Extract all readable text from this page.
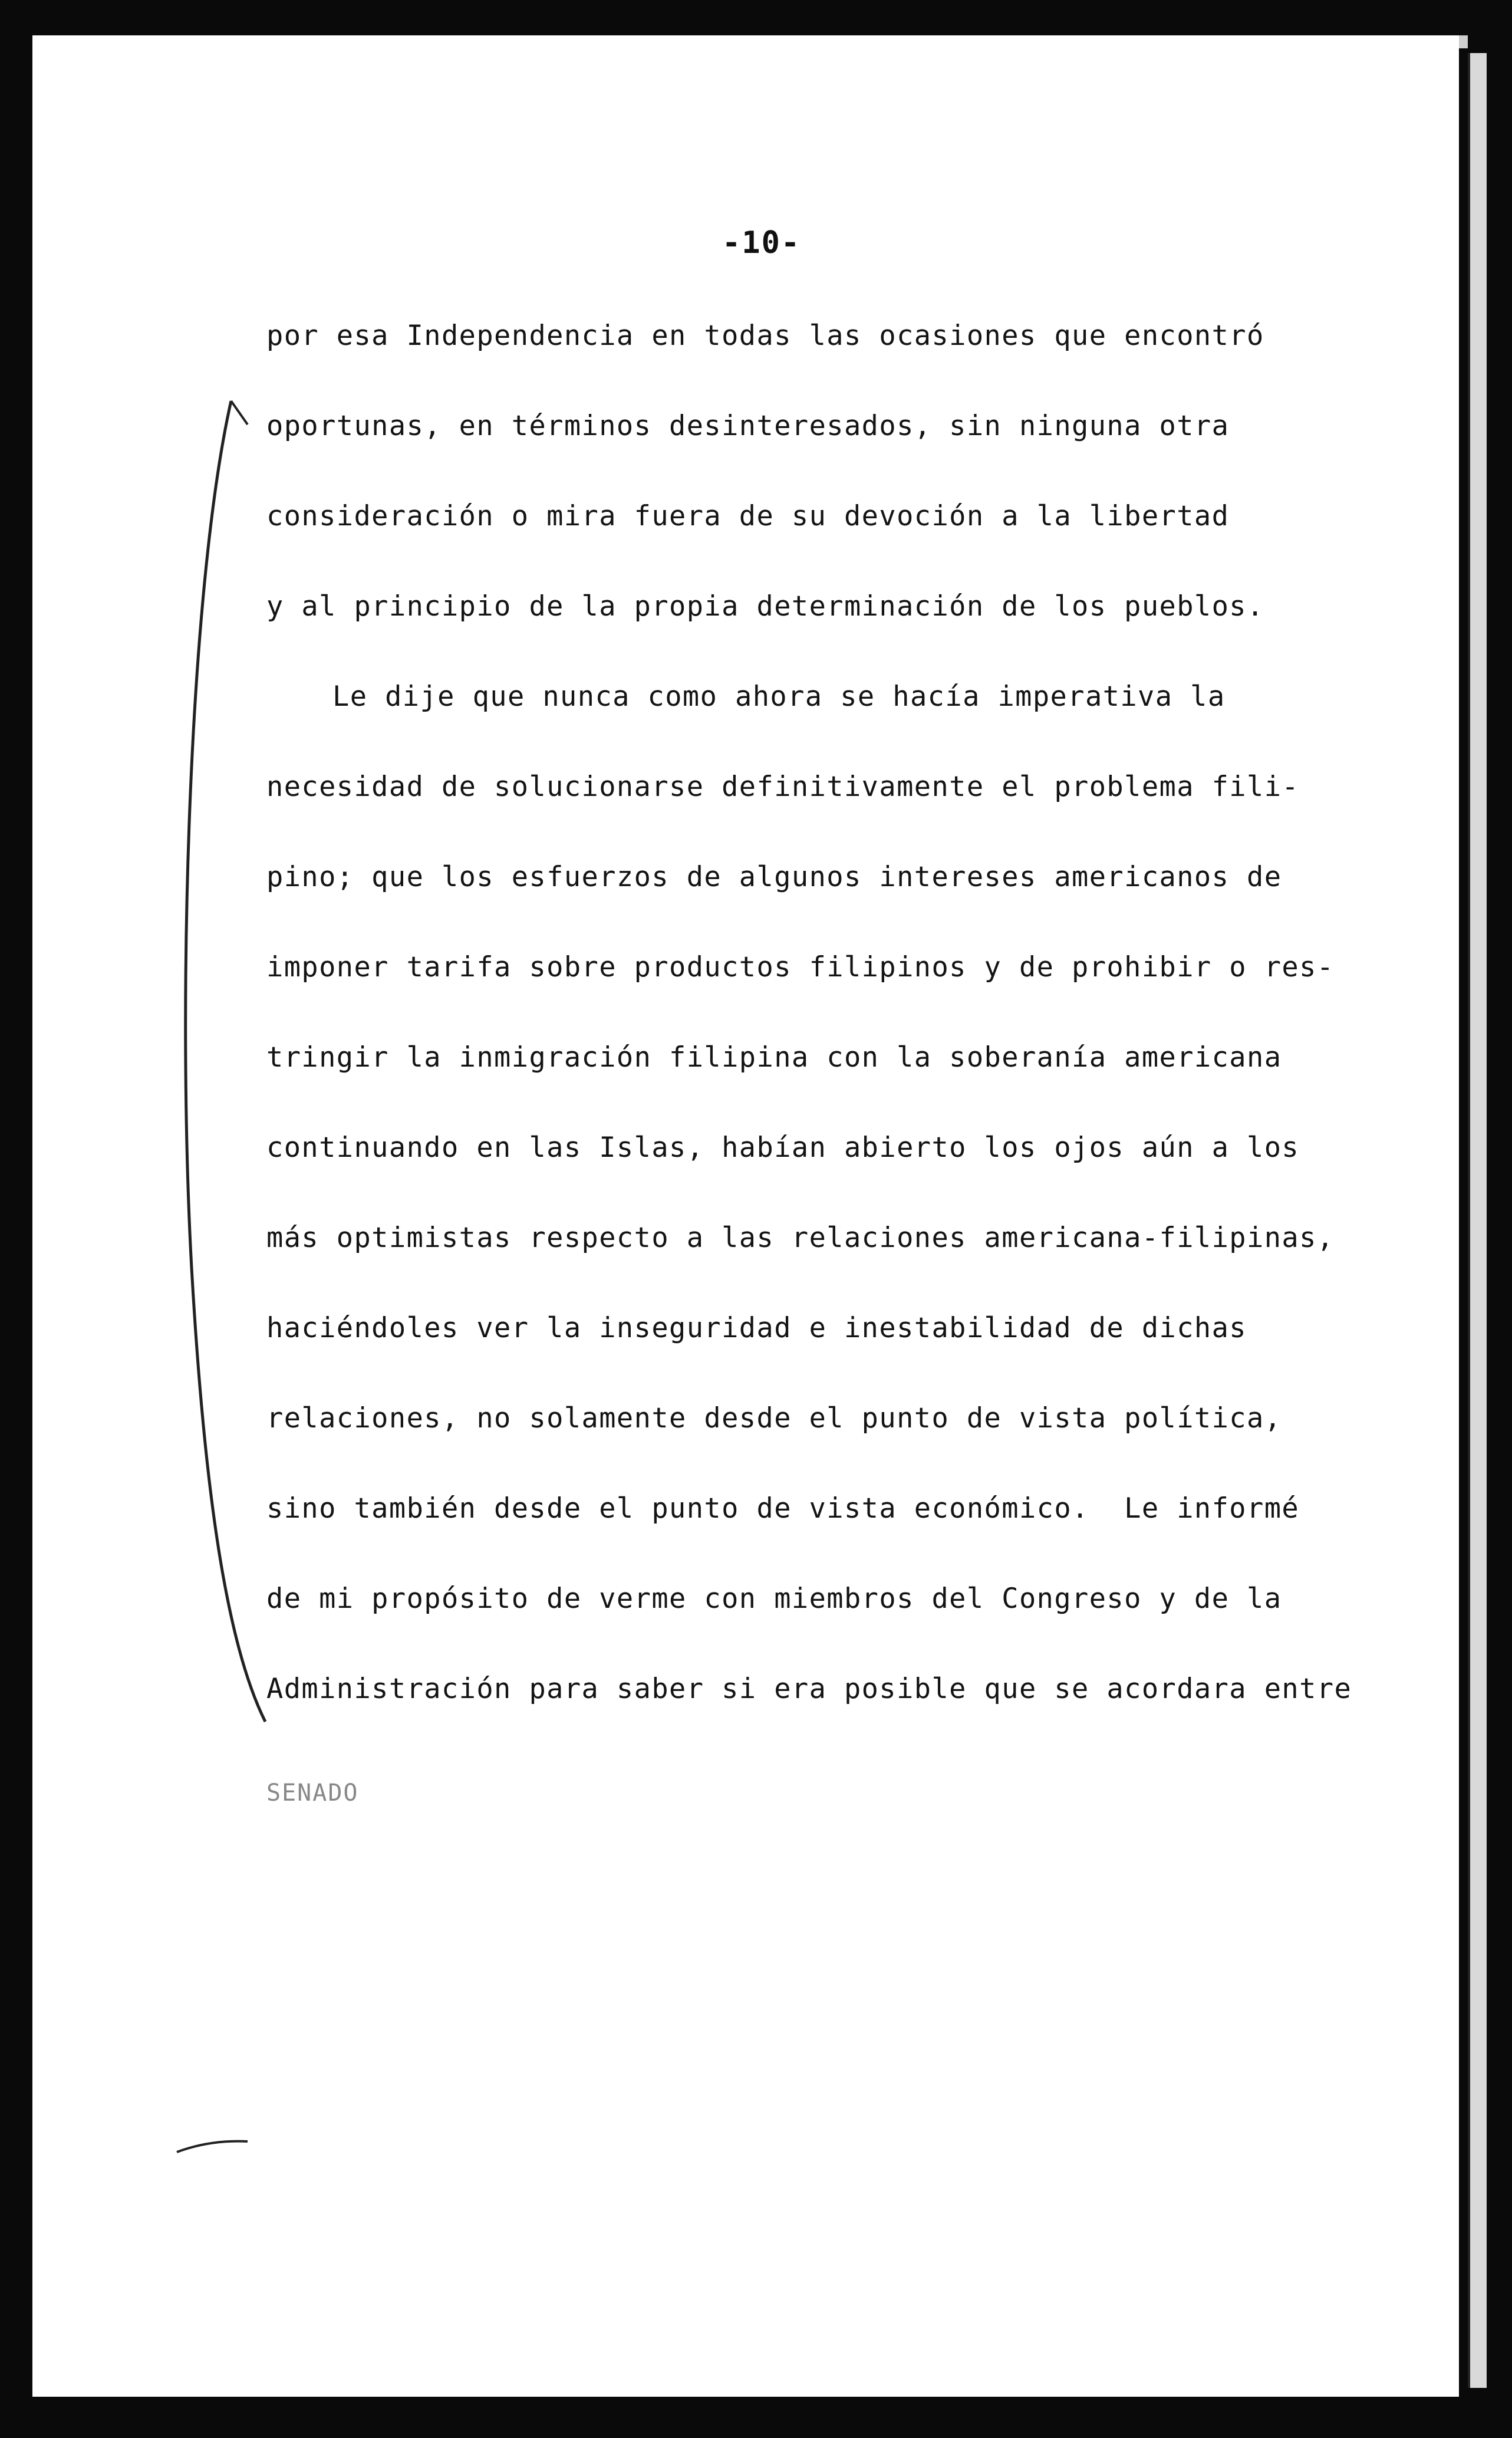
-10-
por esa Independencia en todas las ocasiones que encontró
oportunas, en términos desinteresados, sin ninguna otra
consideración o mira fuera de su devoción a la libertad
y al principio de la propia determinación de los pueblos.
Le dije que nunca como ahora se hacía imperativa la
necesidad de solucionarse definitivamente el problema fili-
pino; que los esfuerzos de algunos intereses americanos de
imponer tarifa sobre productos filipinos y de prohibir o res-
tringir la inmigración filipina con la soberanía americana
continuando en las Islas, habían abierto los ojos aún a los
más optimistas respecto a las relaciones americana-filipinas,
haciéndoles ver la inseguridad e inestabilidad de dichas
relaciones, no solamente desde el punto de vista política,
sino también desde el punto de vista económico.  Le informé
de mi propósito de verme con miembros del Congreso y de la
Administración para saber si era posible que se acordara entre
SENADO
